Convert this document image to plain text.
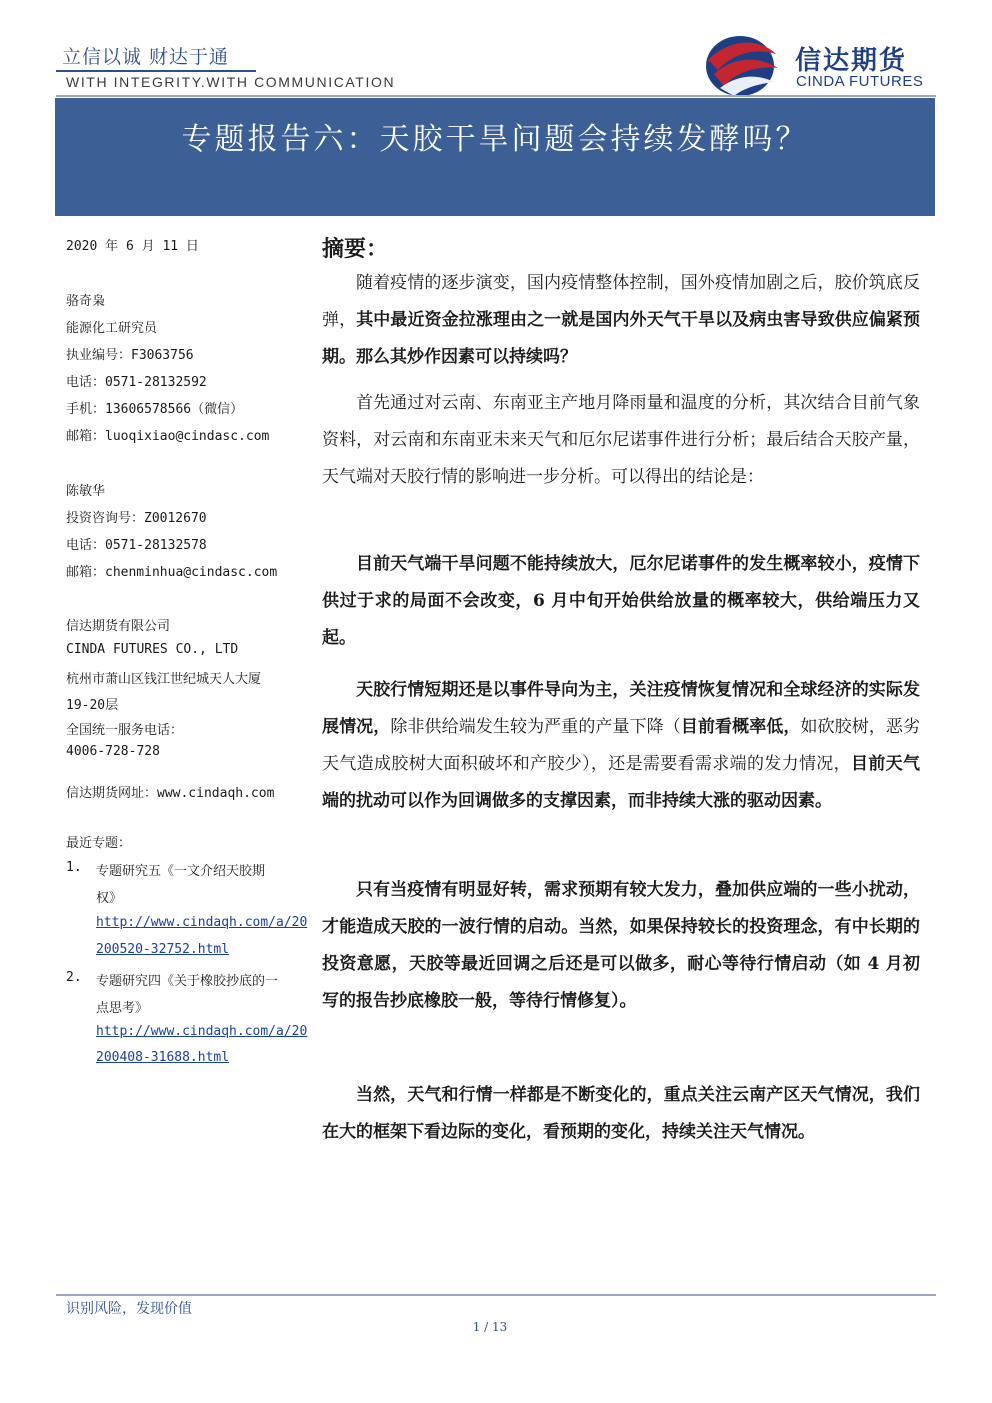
立信以诚 财达于通
WITH INTEGRITY.WITH COMMUNICATION
信达期货
CINDA FUTURES
专题报告六：天胶干旱问题会持续发酵吗？
2020 年 6 月 11 日
骆奇枭
能源化工研究员
执业编号：F3063756
电话：0571-28132592
手机：13606578566（微信）
邮箱：luoqixiao@cindasc.com
陈敏华
投资咨询号：Z0012670
电话：0571-28132578
邮箱：chenminhua@cindasc.com
信达期货有限公司
CINDA FUTURES CO., LTD
杭州市萧山区钱江世纪城天人大厦
19-20层
全国统一服务电话：
4006-728-728
信达期货网址：www.cindaqh.com
最近专题：
1. 专题研究五《一文介绍天胶期
权》
http://www.cindaqh.com/a/20
200520-32752.html
2. 专题研究四《关于橡胶抄底的一
点思考》
http://www.cindaqh.com/a/20
200408-31688.html
摘要：

随着疫情的逐步演变，国内疫情整体控制，国外疫情加剧之后，胶价筑底反弹，其中最近资金拉涨理由之一就是国内外天气干旱以及病虫害导致供应偏紧预期。那么其炒作因素可以持续吗？

首先通过对云南、东南亚主产地月降雨量和温度的分析，其次结合目前气象资料，对云南和东南亚未来天气和厄尔尼诺事件进行分析；最后结合天胶产量，天气端对天胶行情的影响进一步分析。可以得出的结论是：

目前天气端干旱问题不能持续放大，厄尔尼诺事件的发生概率较小，疫情下供过于求的局面不会改变，6 月中旬开始供给放量的概率较大，供给端压力又起。

天胶行情短期还是以事件导向为主，关注疫情恢复情况和全球经济的实际发展情况，除非供给端发生较为严重的产量下降（目前看概率低，如砍胶树，恶劣天气造成胶树大面积破坏和产胶少），还是需要看需求端的发力情况，目前天气端的扰动可以作为回调做多的支撑因素，而非持续大涨的驱动因素。

只有当疫情有明显好转，需求预期有较大发力，叠加供应端的一些小扰动，才能造成天胶的一波行情的启动。当然，如果保持较长的投资理念，有中长期的投资意愿，天胶等最近回调之后还是可以做多，耐心等待行情启动（如 4 月初写的报告抄底橡胶一般，等待行情修复）。

当然，天气和行情一样都是不断变化的，重点关注云南产区天气情况，我们在大的框架下看边际的变化，看预期的变化，持续关注天气情况。

识别风险，发现价值
1 / 13
